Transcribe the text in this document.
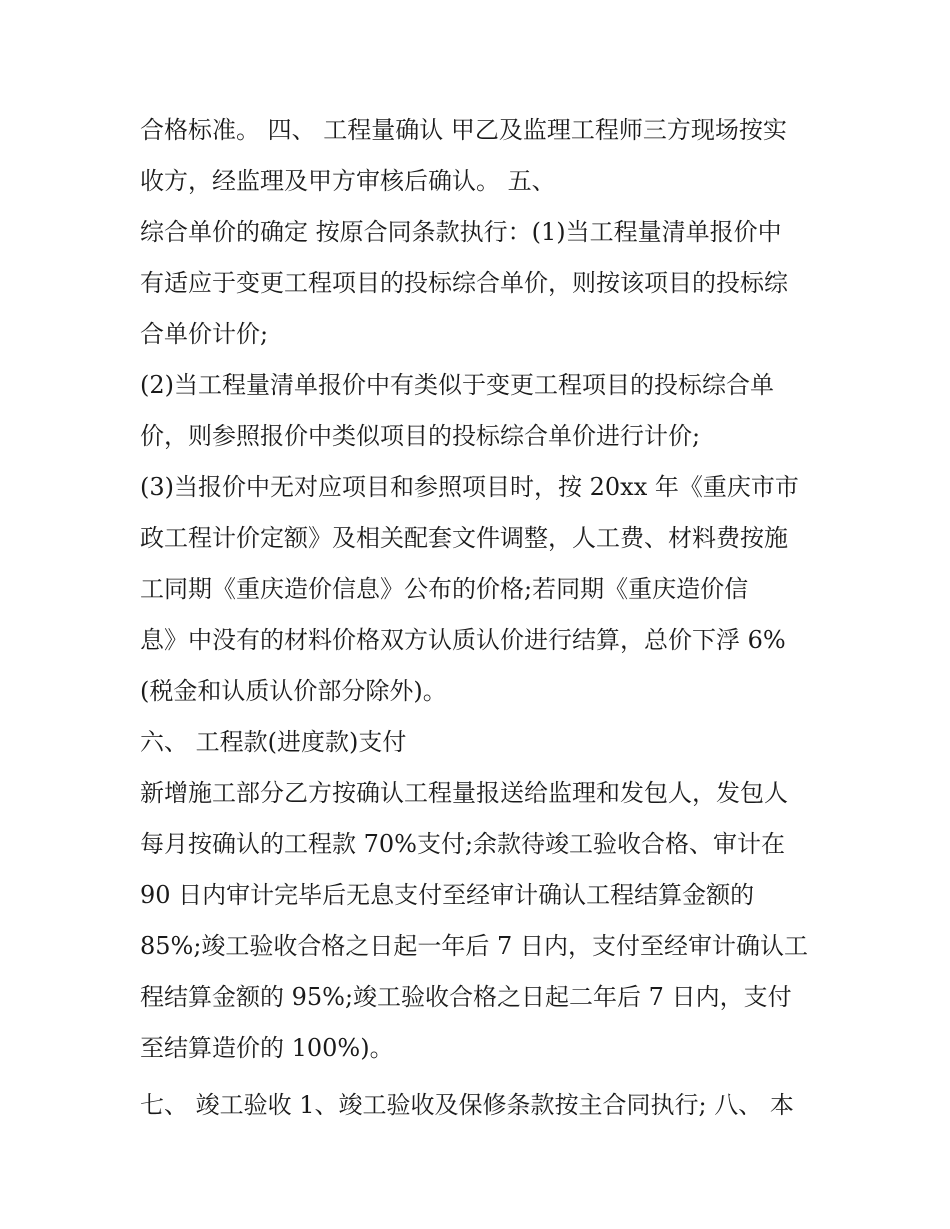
合格标准。 四、 工程量确认 甲乙及监理工程师三方现场按实
收方，经监理及甲方审核后确认。 五、
综合单价的确定 按原合同条款执行：(1)当工程量清单报价中
有适应于变更工程项目的投标综合单价，则按该项目的投标综
合单价计价;
(2)当工程量清单报价中有类似于变更工程项目的投标综合单
价，则参照报价中类似项目的投标综合单价进行计价;
(3)当报价中无对应项目和参照项目时，按 20xx 年《重庆市市
政工程计价定额》及相关配套文件调整，人工费、材料费按施
工同期《重庆造价信息》公布的价格;若同期《重庆造价信
息》中没有的材料价格双方认质认价进行结算，总价下浮 6%
(税金和认质认价部分除外)。
六、 工程款(进度款)支付
新增施工部分乙方按确认工程量报送给监理和发包人，发包人
每月按确认的工程款 70%支付;余款待竣工验收合格、审计在
90 日内审计完毕后无息支付至经审计确认工程结算金额的
85%;竣工验收合格之日起一年后 7 日内，支付至经审计确认工
程结算金额的 95%;竣工验收合格之日起二年后 7 日内，支付
至结算造价的 100%)。
七、 竣工验收 1、竣工验收及保修条款按主合同执行; 八、 本
